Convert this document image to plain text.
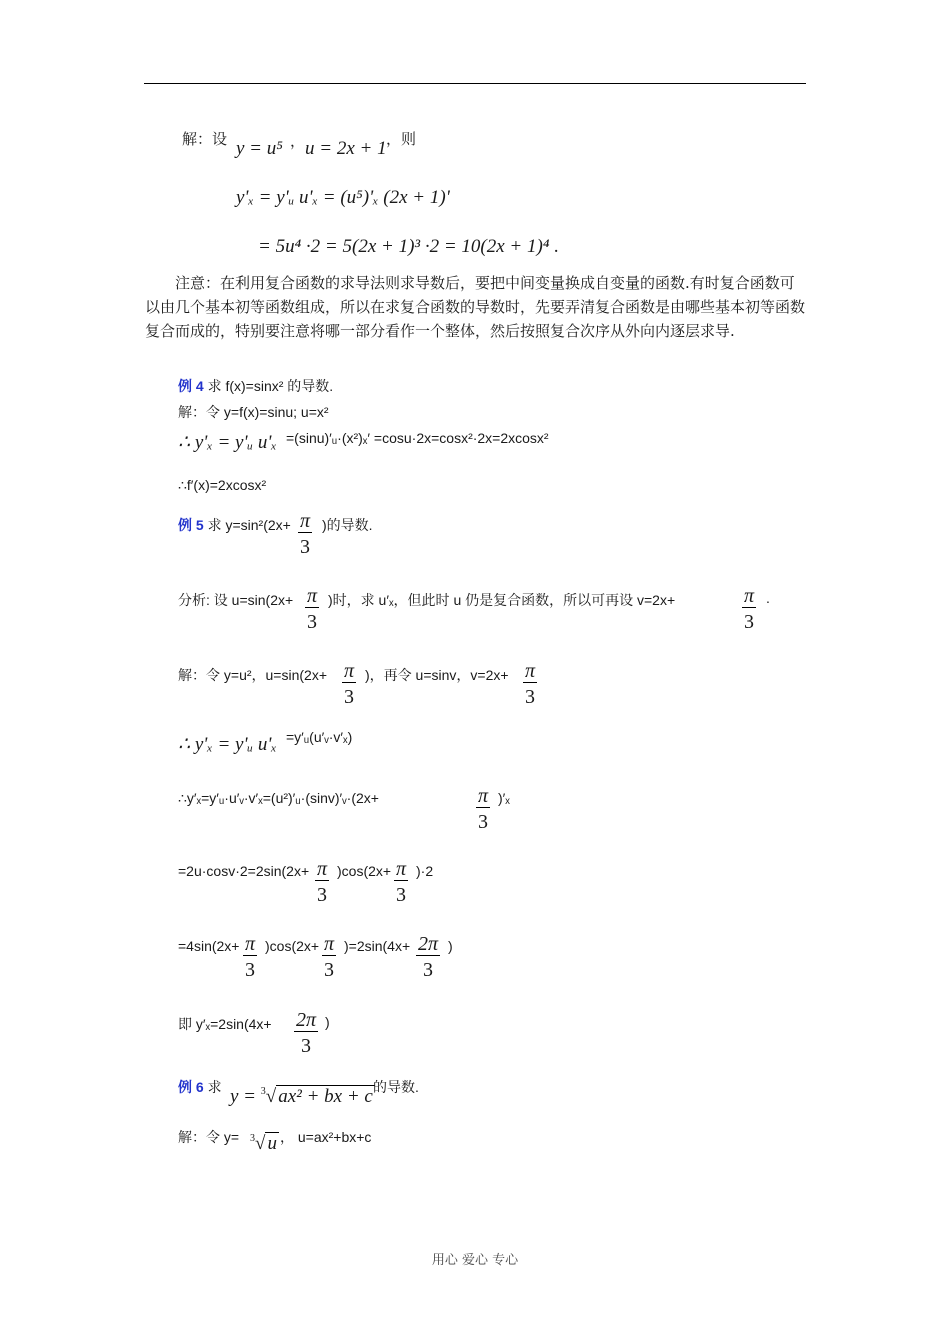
解：设 y = u⁵ ， u = 2x + 1 ，则
y'ₓ = y'ᵤ u'ₓ = (u⁵)'ₓ (2x + 1)'
= 5u⁴ ·2 = 5(2x + 1)³ ·2 = 10(2x + 1)⁴ .
注意：在利用复合函数的求导法则求导数后，要把中间变量换成自变量的函数.有时复合函数可以由几个基本初等函数组成，所以在求复合函数的导数时，先要弄清复合函数是由哪些基本初等函数复合而成的，特别要注意将哪一部分看作一个整体，然后按照复合次序从外向内逐层求导.
例 4 求 f(x)=sinx² 的导数.
解：令 y=f(x)=sinu; u=x²
∴ y'ₓ = y'ᵤ u'ₓ =(sinu)′ᵤ·(x²)ₓ′ =cosu·2x=cosx²·2x=2xcosx²
∴f′(x)=2xcosx²
例 5 求 $y=\sin^2(2x+ \frac{\pi}{3}$ )的导数.
分析: 设 $u=\sin(2x+ \frac{\pi}{3}$ )时，求 u′ₓ，但此时 u 仍是复合函数，所以可再设 v=2x+	$\frac{\pi}{3}$ .
解：令 y=u²，$u=\sin(2x+ \frac{\pi}{3}$ )，再令 u=sinv，$v=2x+ \frac{\pi}{3}$
∴ y'ₓ = y'ᵤ u'ₓ =y′ᵤ(u′ᵥ·v′ₓ)
∴y′ₓ=y′ᵤ·u′ᵥ·v′ₓ=(u²)′ᵤ·(sinv)′ᵥ·(2x+	$\frac{\pi}{3} )'_x$
$=2u\cdot\cos v\cdot 2=2\sin(2x+ \frac{\pi}{3} )\cos(2x+ \frac{\pi}{3} )\cdot 2$
$=4\sin(2x+ \frac{\pi}{3} )\cos(2x+ \frac{\pi}{3} )=2\sin(4x+ \frac{2\pi}{3}$ )
即 $y'_x=2\sin(4x+ \frac{2\pi}{3}$ )
例 6 求 y = $^3$√ ax² + bx + c 的导数.
解：令 y= $^3$√ u ， u=ax²+bx+c
用心 爱心 专心
